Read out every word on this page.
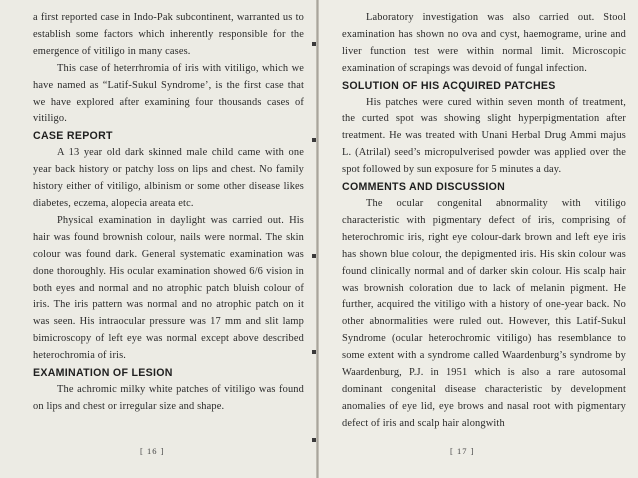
a first reported case in Indo-Pak subcontinent, warranted us to establish some factors which inherently responsible for the emergence of vitiligo in many cases.

This case of heterrhromia of iris with vitiligo, which we have named as “Latif-Sukul Syndrome’, is the first case that we have explored after examining four thousands cases of vitiligo.

CASE REPORT

A 13 year old dark skinned male child came with one year back history or patchy loss on lips and chest. No family history either of vitiligo, albinism or some other disease likes diabetes, eczema, alopecia areata etc.

Physical examination in daylight was carried out. His hair was found brownish colour, nails were normal. The skin colour was found dark. General systematic examination was done thoroughly. His ocular examination showed 6/6 vision in both eyes and normal and no atrophic patch bluish colour of iris. The iris pattern was normal and no atrophic patch on it was seen. His intraocular pressure was 17 mm and slit lamp bimicroscopy of left eye was normal except above described heterochromia of iris.

EXAMINATION OF LESION

The achromic milky white patches of vitiligo was found on lips and chest or irregular size and shape.

[ 16 ]

Laboratory investigation was also carried out. Stool examination has shown no ova and cyst, haemograme, urine and liver function test were within normal limit. Microscopic examination of scrapings was devoid of fungal infection.

SOLUTION OF HIS ACQUIRED PATCHES

His patches were cured within seven month of treatment, the curted spot was showing slight hyperpigmentation after treatment. He was treated with Unani Herbal Drug Ammi majus L. (Atrilal) seed’s micropulverised powder was applied over the spot followed by sun exposure for 5 minutes a day.

COMMENTS AND DISCUSSION

The ocular congenital abnormality with vitiligo characteristic with pigmentary defect of iris, comprising of heterochromic iris, right eye colour-dark brown and left eye iris has shown blue colour, the depigmented iris. His skin colour was found clinically normal and of darker skin colour. His scalp hair was brownish coloration due to lack of melanin pigment. He further, acquired the vitiligo with a history of one-year back. No other abnormalities were ruled out. However, this Latif-Sukul Syndrome (ocular heterochromic vitiligo) has resemblance to some extent with a syndrome called Waardenburg’s syndrome by Waardenburg, P.J. in 1951 which is also a rare autosomal dominant congenital disease characteristic by development anomalies of eye lid, eye brows and nasal root with pigmentary defect of iris and scalp hair alongwith

[ 17 ]
